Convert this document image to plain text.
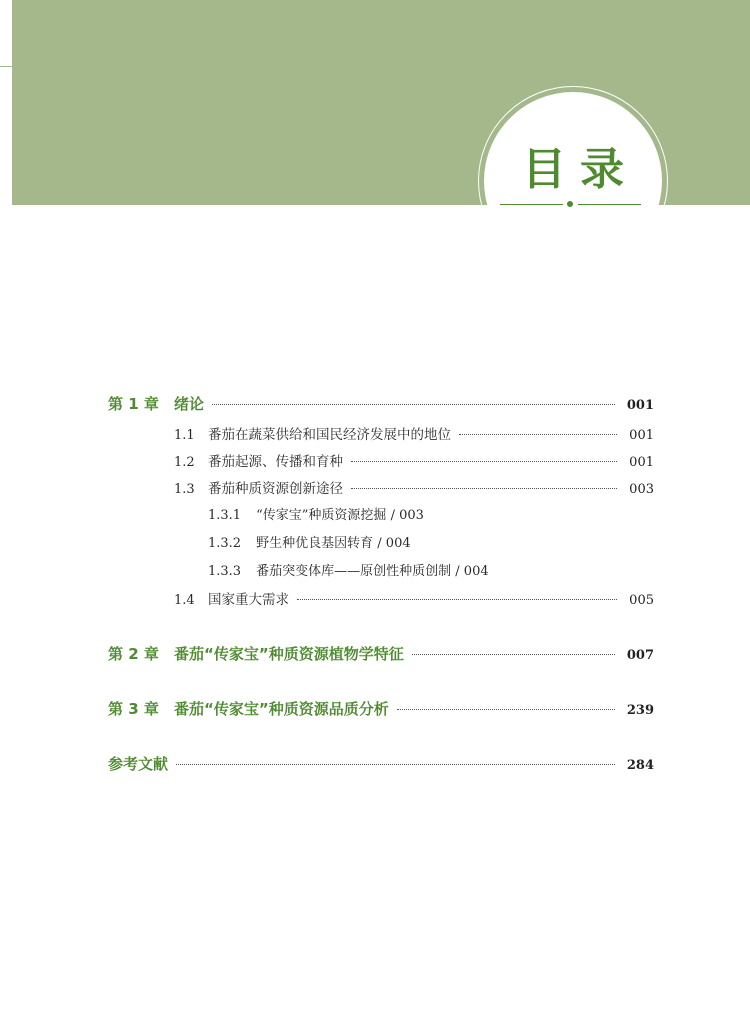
目录
第 1 章	绪论	001
1.1 番茄在蔬菜供给和国民经济发展中的地位	001
1.2 番茄起源、传播和育种	001
1.3 番茄种质资源创新途径	003
1.3.1 “传家宝”种质资源挖掘 / 003
1.3.2 野生种优良基因转育 / 004
1.3.3 番茄突变体库——原创性种质创制 / 004
1.4 国家重大需求	005
第 2 章	番茄“传家宝”种质资源植物学特征	007
第 3 章	番茄“传家宝”种质资源品质分析	239
参考文献	284
